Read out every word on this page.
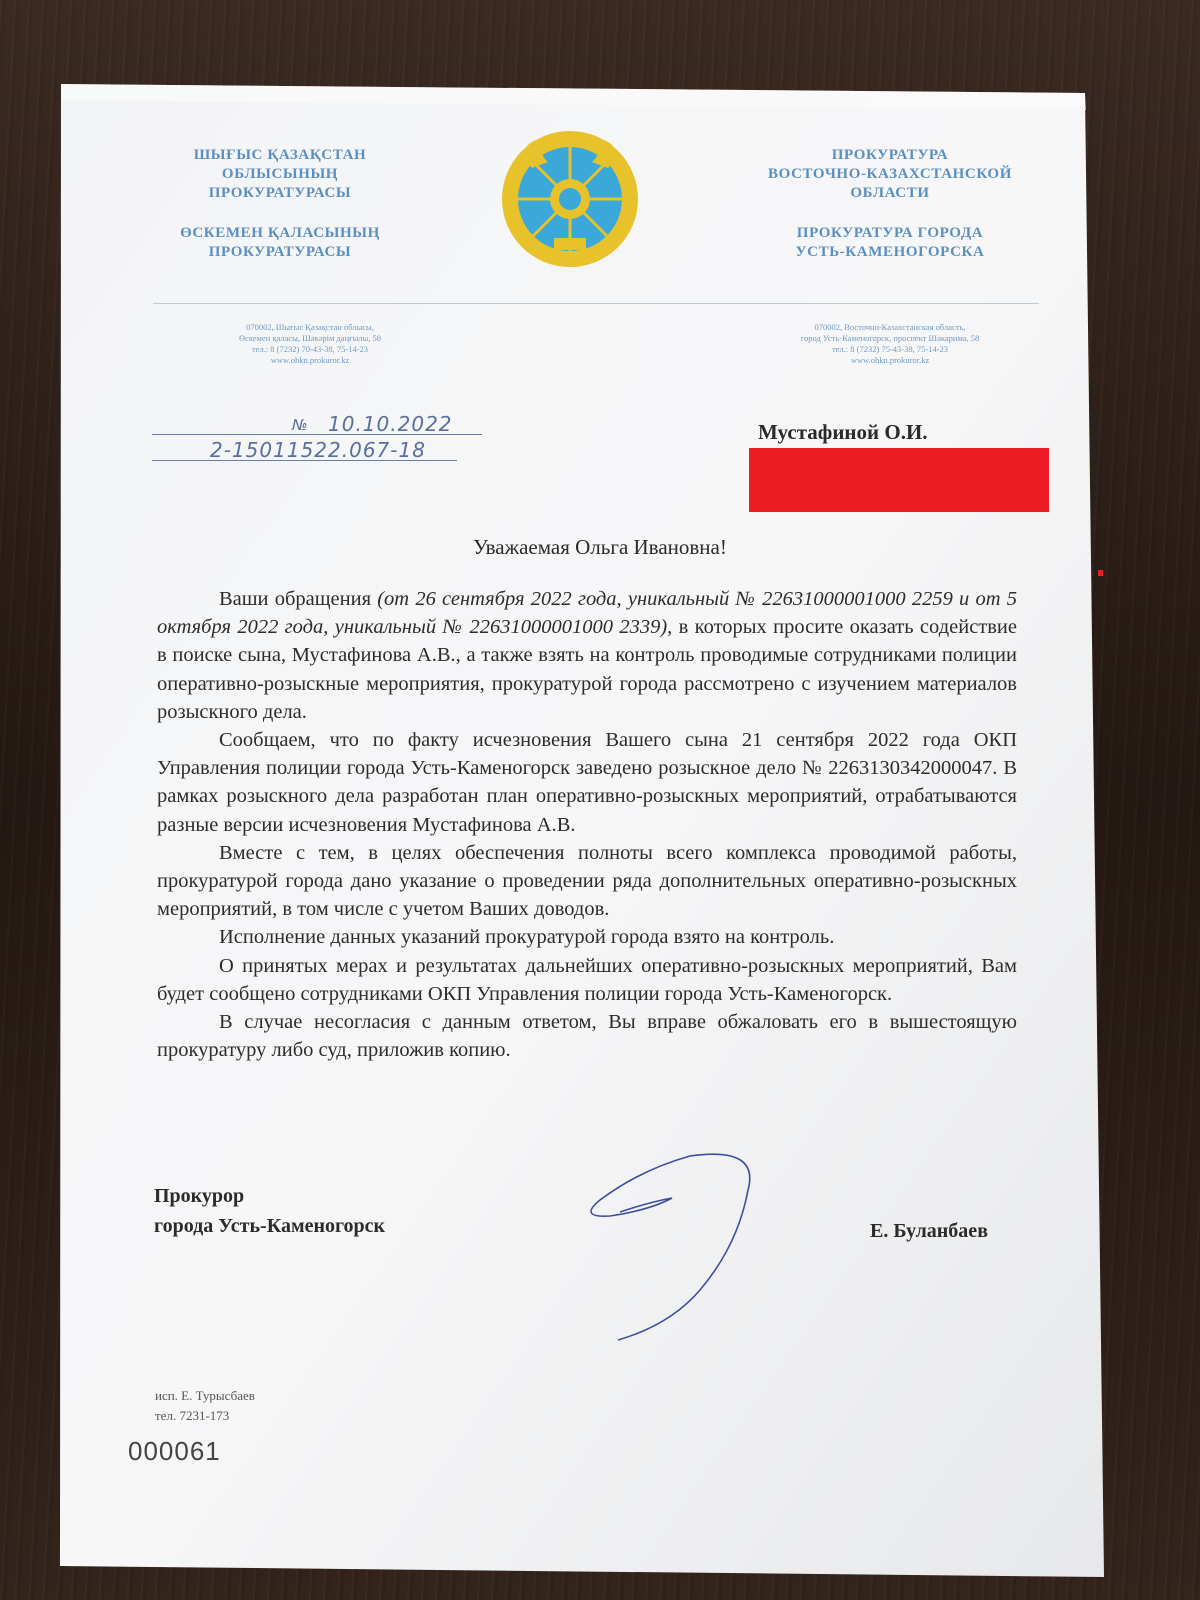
ШЫҒЫС ҚАЗАҚСТАН
ОБЛЫСЫНЫҢ
ПРОКУРАТУРАСЫ
ӨСКЕМЕН ҚАЛАСЫНЫҢ
ПРОКУРАТУРАСЫ
ПРОКУРАТУРА
ВОСТОЧНО-КАЗАХСТАНСКОЙ
ОБЛАСТИ
ПРОКУРАТУРА ГОРОДА
УСТЬ-КАМЕНОГОРСКА
070002, Шығыс Қазақстан облысы,
Өскемен қаласы, Шәкәрім даңғылы, 58
тел.: 8 (7232) 70-43-38, 75-14-23
www.ohkn.prokuror.kz
070002, Восточно-Казахстанская область,
город Усть-Каменогорск, проспект Шакарима, 58
тел.: 8 (7232) 75-43-38, 75-14-23
www.ohkn.prokuror.kz
№ 10.10.2022
2-15011522.067-18
Мустафиной О.И.
Уважаемая Ольга Ивановна!

Ваши обращения (от 26 сентября 2022 года, уникальный № 22631000001000 2259 и от 5 октября 2022 года, уникальный № 22631000001000 2339), в которых просите оказать содействие в поиске сына, Мустафинова А.В., а также взять на контроль проводимые сотрудниками полиции оперативно-розыскные мероприятия, прокуратурой города рассмотрено с изучением материалов розыскного дела.

Сообщаем, что по факту исчезновения Вашего сына 21 сентября 2022 года ОКП Управления полиции города Усть-Каменогорск заведено розыскное дело № 2263130342000047. В рамках розыскного дела разработан план оперативно-розыскных мероприятий, отрабатываются разные версии исчезновения Мустафинова А.В.

Вместе с тем, в целях обеспечения полноты всего комплекса проводимой работы, прокуратурой города дано указание о проведении ряда дополнительных оперативно-розыскных мероприятий, в том числе с учетом Ваших доводов.

Исполнение данных указаний прокуратурой города взято на контроль.

О принятых мерах и результатах дальнейших оперативно-розыскных мероприятий, Вам будет сообщено сотрудниками ОКП Управления полиции города Усть-Каменогорск.

В случае несогласия с данным ответом, Вы вправе обжаловать его в вышестоящую прокуратуру либо суд, приложив копию.

Прокурор
города Усть-Каменогорск	Е. Буланбаев
исп. Е. Турысбаев
тел. 7231-173
000061
